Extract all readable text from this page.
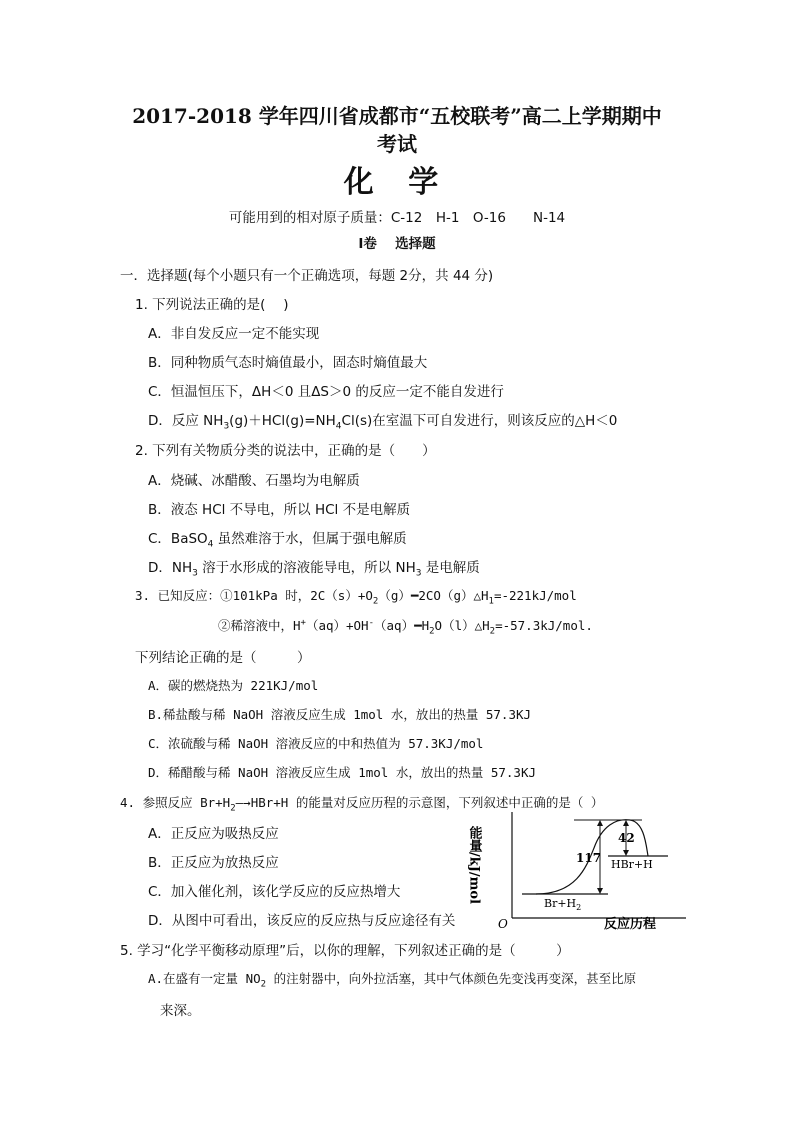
2017-2018 学年四川省成都市“五校联考”高二上学期期中
考试
化 学
可能用到的相对原子质量：C-12　H-1　O-16　　N-14
Ⅰ卷　 选择题
一．选择题(每个小题只有一个正确选项，每题 2分，共 44 分)
1. 下列说法正确的是(　 )
A．非自发反应一定不能实现
B．同种物质气态时熵值最小，固态时熵值最大
C．恒温恒压下，ΔH＜0 且ΔS＞0 的反应一定不能自发进行
D．反应 $NH_3(g)+HCl(g)=NH_4Cl(s)$在室温下可自发进行，则该反应的△H＜0
2. 下列有关物质分类的说法中，正确的是（　　）
A．烧碱、冰醋酸、石墨均为电解质
B．液态 HCl 不导电，所以 HCl 不是电解质
C．BaSO$_4$ 虽然难溶于水，但属于强电解质
D．$NH_3$ 溶于水形成的溶液能导电，所以 $NH_3$ 是电解质
3. 已知反应：①101kPa 时，$2C(s)+O_2(g)━2CO(g)\triangle H_1=-221kJ$/mol
②稀溶液中，$H^+(aq)+OH^-(aq)━H_2O(l)\triangle H_2=-57.3kJ$/mol.
下列结论正确的是（　　　）
A．碳的燃烧热为 221KJ/mol
B.稀盐酸与稀 NaOH 溶液反应生成 1mol 水，放出的热量 57.3KJ
C．浓硫酸与稀 NaOH 溶液反应的中和热值为 57.3KJ/mol
D．稀醋酸与稀 NaOH 溶液反应生成 1mol 水，放出的热量 57.3KJ
4. 参照反应 $Br+H_2—\to HBr+H$ 的能量对反应历程的示意图，下列叙述中正确的是（ ）
A．正反应为吸热反应
B．正反应为放热反应
C．加入催化剂，该化学反应的反应热增大
D．从图中可看出，该反应的反应热与反应途径有关
能量/kJ/mol
O	反应历程
$Br+H_2$
HBr+H
117
42
5. 学习“化学平衡移动原理”后，以你的理解，下列叙述正确的是（　　　）
A.在盛有一定量 $NO_2$ 的注射器中，向外拉活塞，其中气体颜色先变浅再变深，甚至比原
来深。
